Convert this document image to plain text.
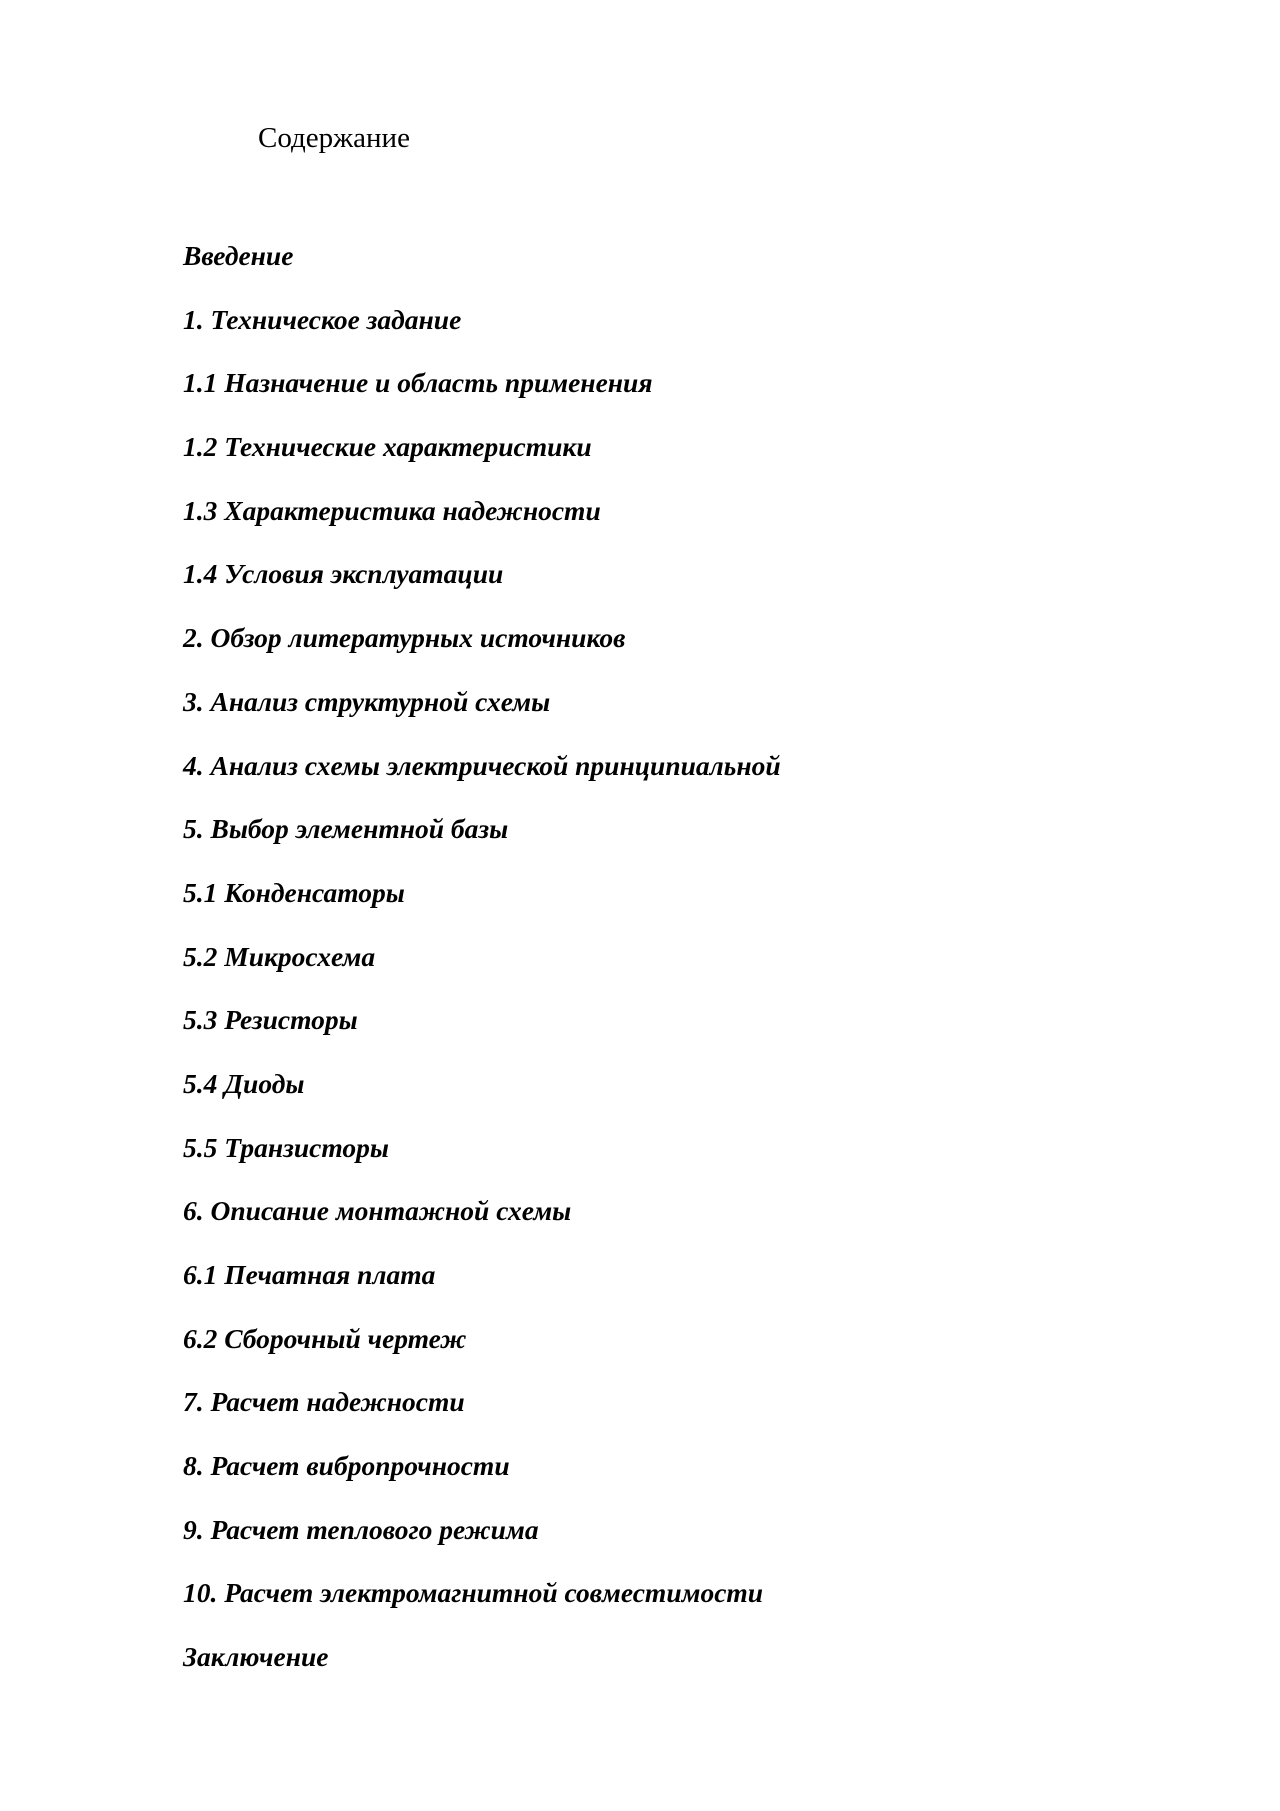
Содержание
Введение
1. Техническое задание
1.1 Назначение и область применения
1.2 Технические характеристики
1.3 Характеристика надежности
1.4 Условия эксплуатации
2. Обзор литературных источников
3. Анализ структурной схемы
4. Анализ схемы электрической принципиальной
5. Выбор элементной базы
5.1 Конденсаторы
5.2 Микросхема
5.3 Резисторы
5.4 Диоды
5.5 Транзисторы
6. Описание монтажной схемы
6.1 Печатная плата
6.2 Сборочный чертеж
7. Расчет надежности
8. Расчет вибропрочности
9. Расчет теплового режима
10. Расчет электромагнитной совместимости
Заключение
